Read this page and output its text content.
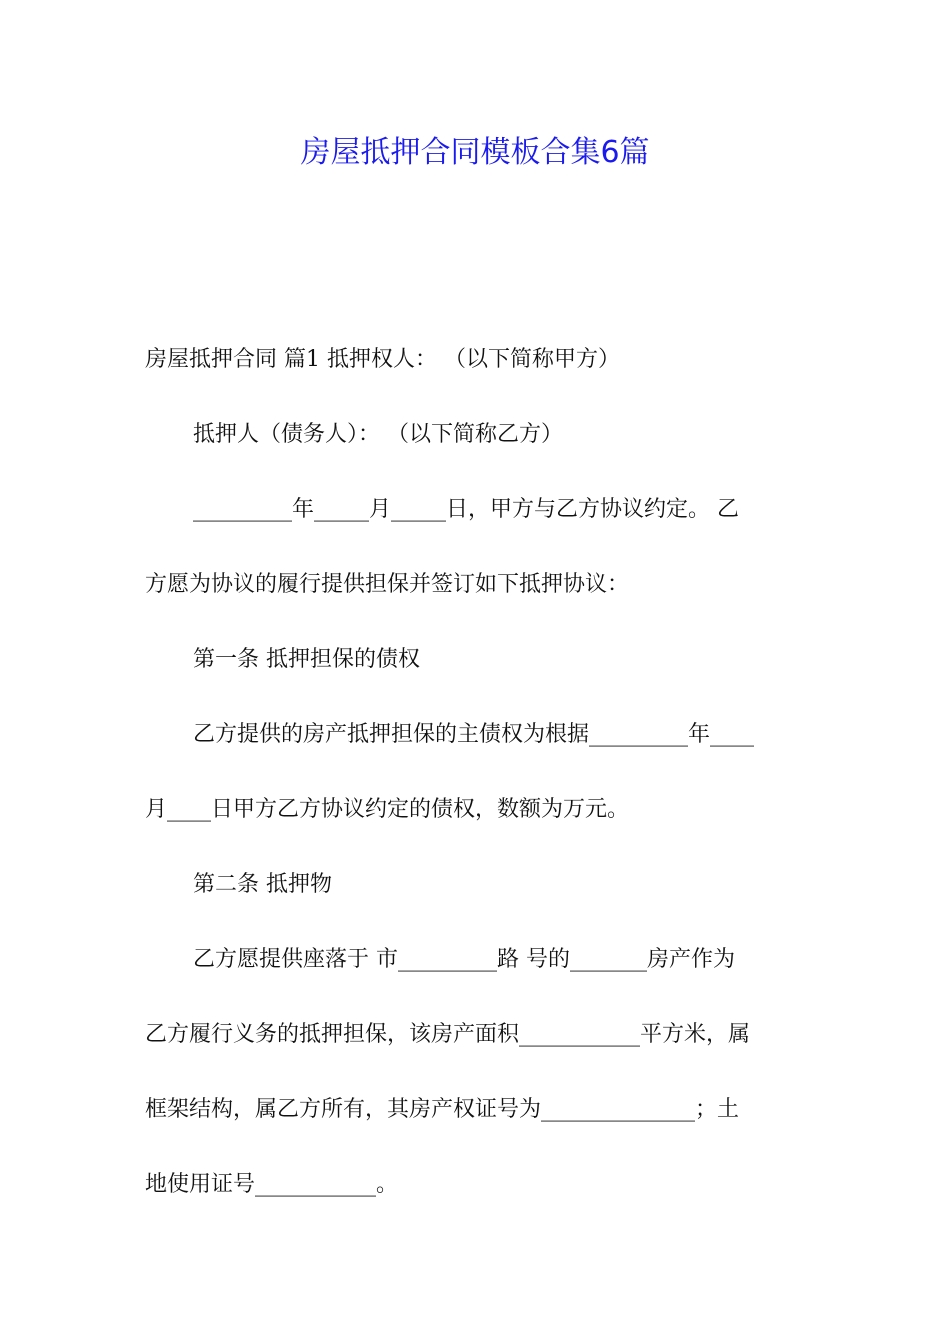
房屋抵押合同模板合集6篇
房屋抵押合同 篇1 抵押权人： （以下简称甲方）
抵押人（债务人）： （以下简称乙方）
_________年_____月_____日，甲方与乙方协议约定。 乙
方愿为协议的履行提供担保并签订如下抵押协议：
第一条 抵押担保的债权
乙方提供的房产抵押担保的主债权为根据_________年____
月____日甲方乙方协议约定的债权，数额为万元。
第二条 抵押物
乙方愿提供座落于 市_________路 号的_______房产作为
乙方履行义务的抵押担保，该房产面积___________平方米，属
框架结构，属乙方所有，其房产权证号为______________；土
地使用证号___________。
